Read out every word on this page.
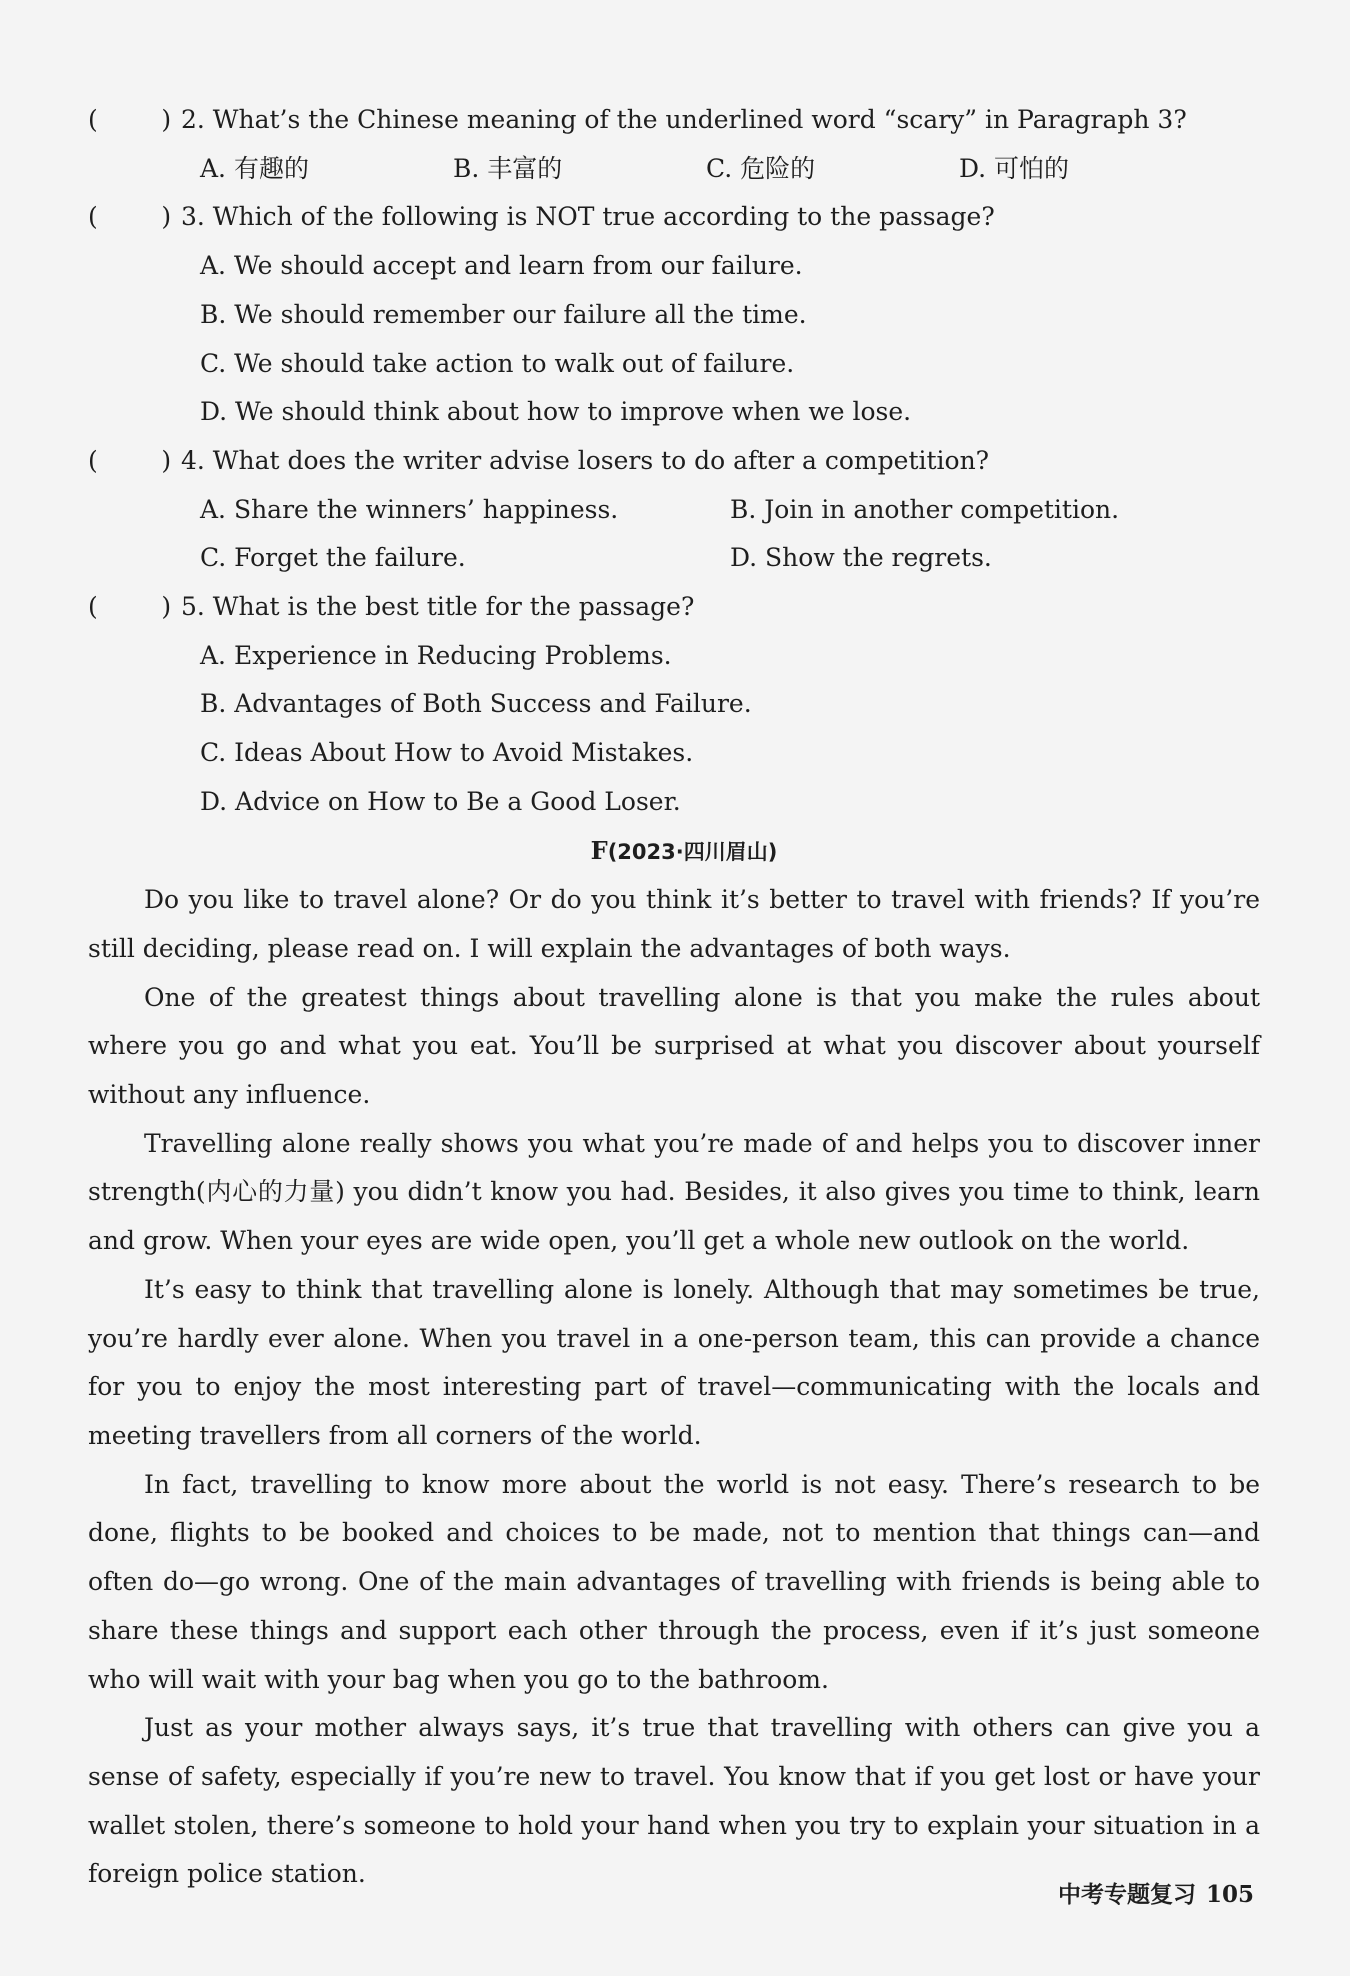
(        ) 2. What’s the Chinese meaning of the underlined word “scary” in Paragraph 3?
A. 有趣的	B. 丰富的	C. 危险的	D. 可怕的
(        ) 3. Which of the following is NOT true according to the passage?
A. We should accept and learn from our failure.
B. We should remember our failure all the time.
C. We should take action to walk out of failure.
D. We should think about how to improve when we lose.
(        ) 4. What does the writer advise losers to do after a competition?
A. Share the winners’ happiness.	B. Join in another competition.
C. Forget the failure.	D. Show the regrets.
(        ) 5. What is the best title for the passage?
A. Experience in Reducing Problems.
B. Advantages of Both Success and Failure.
C. Ideas About How to Avoid Mistakes.
D. Advice on How to Be a Good Loser.
F(2023·四川眉山)

Do you like to travel alone? Or do you think it’s better to travel with friends? If you’re still deciding, please read on. I will explain the advantages of both ways.

One of the greatest things about travelling alone is that you make the rules about where you go and what you eat. You’ll be surprised at what you discover about yourself without any influence.

Travelling alone really shows you what you’re made of and helps you to discover inner strength(内心的力量) you didn’t know you had. Besides, it also gives you time to think, learn and grow. When your eyes are wide open, you’ll get a whole new outlook on the world.

It’s easy to think that travelling alone is lonely. Although that may sometimes be true, you’re hardly ever alone. When you travel in a one-person team, this can provide a chance for you to enjoy the most interesting part of travel—communicating with the locals and meeting travellers from all corners of the world.

In fact, travelling to know more about the world is not easy. There’s research to be done, flights to be booked and choices to be made, not to mention that things can—and often do—go wrong. One of the main advantages of travelling with friends is being able to share these things and support each other through the process, even if it’s just someone who will wait with your bag when you go to the bathroom.

Just as your mother always says, it’s true that travelling with others can give you a sense of safety, especially if you’re new to travel. You know that if you get lost or have your wallet stolen, there’s someone to hold your hand when you try to explain your situation in a foreign police station.

中考专题复习 105
